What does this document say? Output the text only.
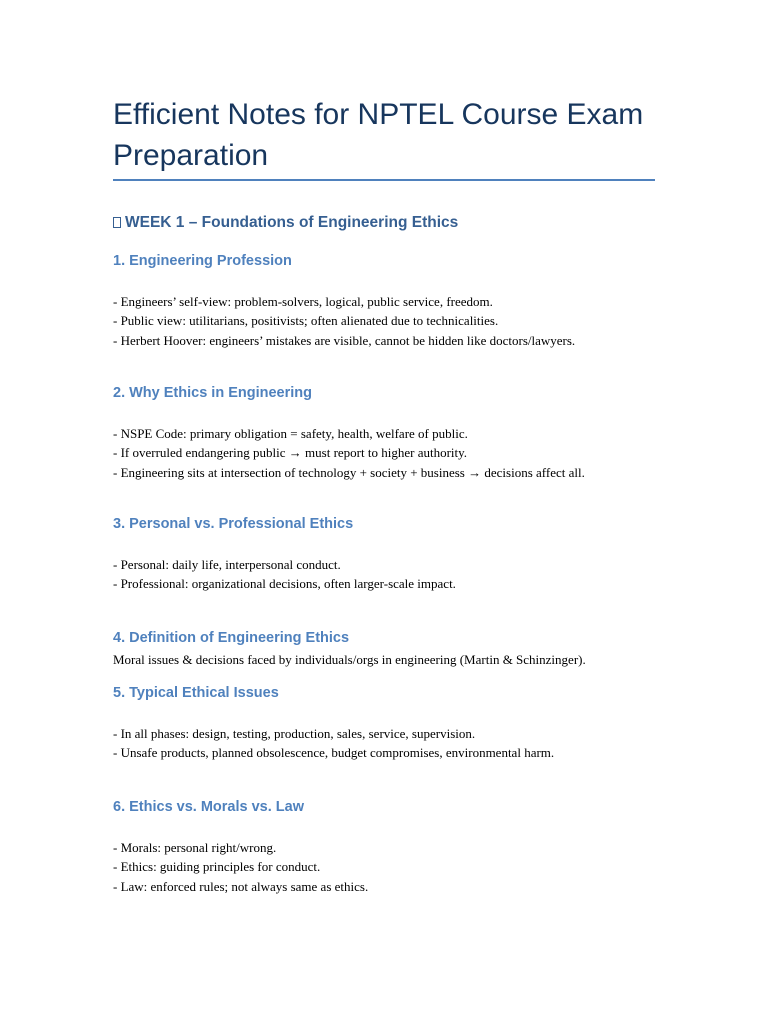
Efficient Notes for NPTEL Course Exam Preparation
WEEK 1 – Foundations of Engineering Ethics
1. Engineering Profession

- Engineers’ self-view: problem-solvers, logical, public service, freedom.
- Public view: utilitarians, positivists; often alienated due to technicalities.
- Herbert Hoover: engineers’ mistakes are visible, cannot be hidden like doctors/lawyers.

2. Why Ethics in Engineering

- NSPE Code: primary obligation = safety, health, welfare of public.
- If overruled endangering public → must report to higher authority.
- Engineering sits at intersection of technology + society + business → decisions affect all.

3. Personal vs. Professional Ethics

- Personal: daily life, interpersonal conduct.
- Professional: organizational decisions, often larger-scale impact.

4. Definition of Engineering Ethics

Moral issues & decisions faced by individuals/orgs in engineering (Martin & Schinzinger).

5. Typical Ethical Issues

- In all phases: design, testing, production, sales, service, supervision.
- Unsafe products, planned obsolescence, budget compromises, environmental harm.

6. Ethics vs. Morals vs. Law

- Morals: personal right/wrong.
- Ethics: guiding principles for conduct.
- Law: enforced rules; not always same as ethics.
